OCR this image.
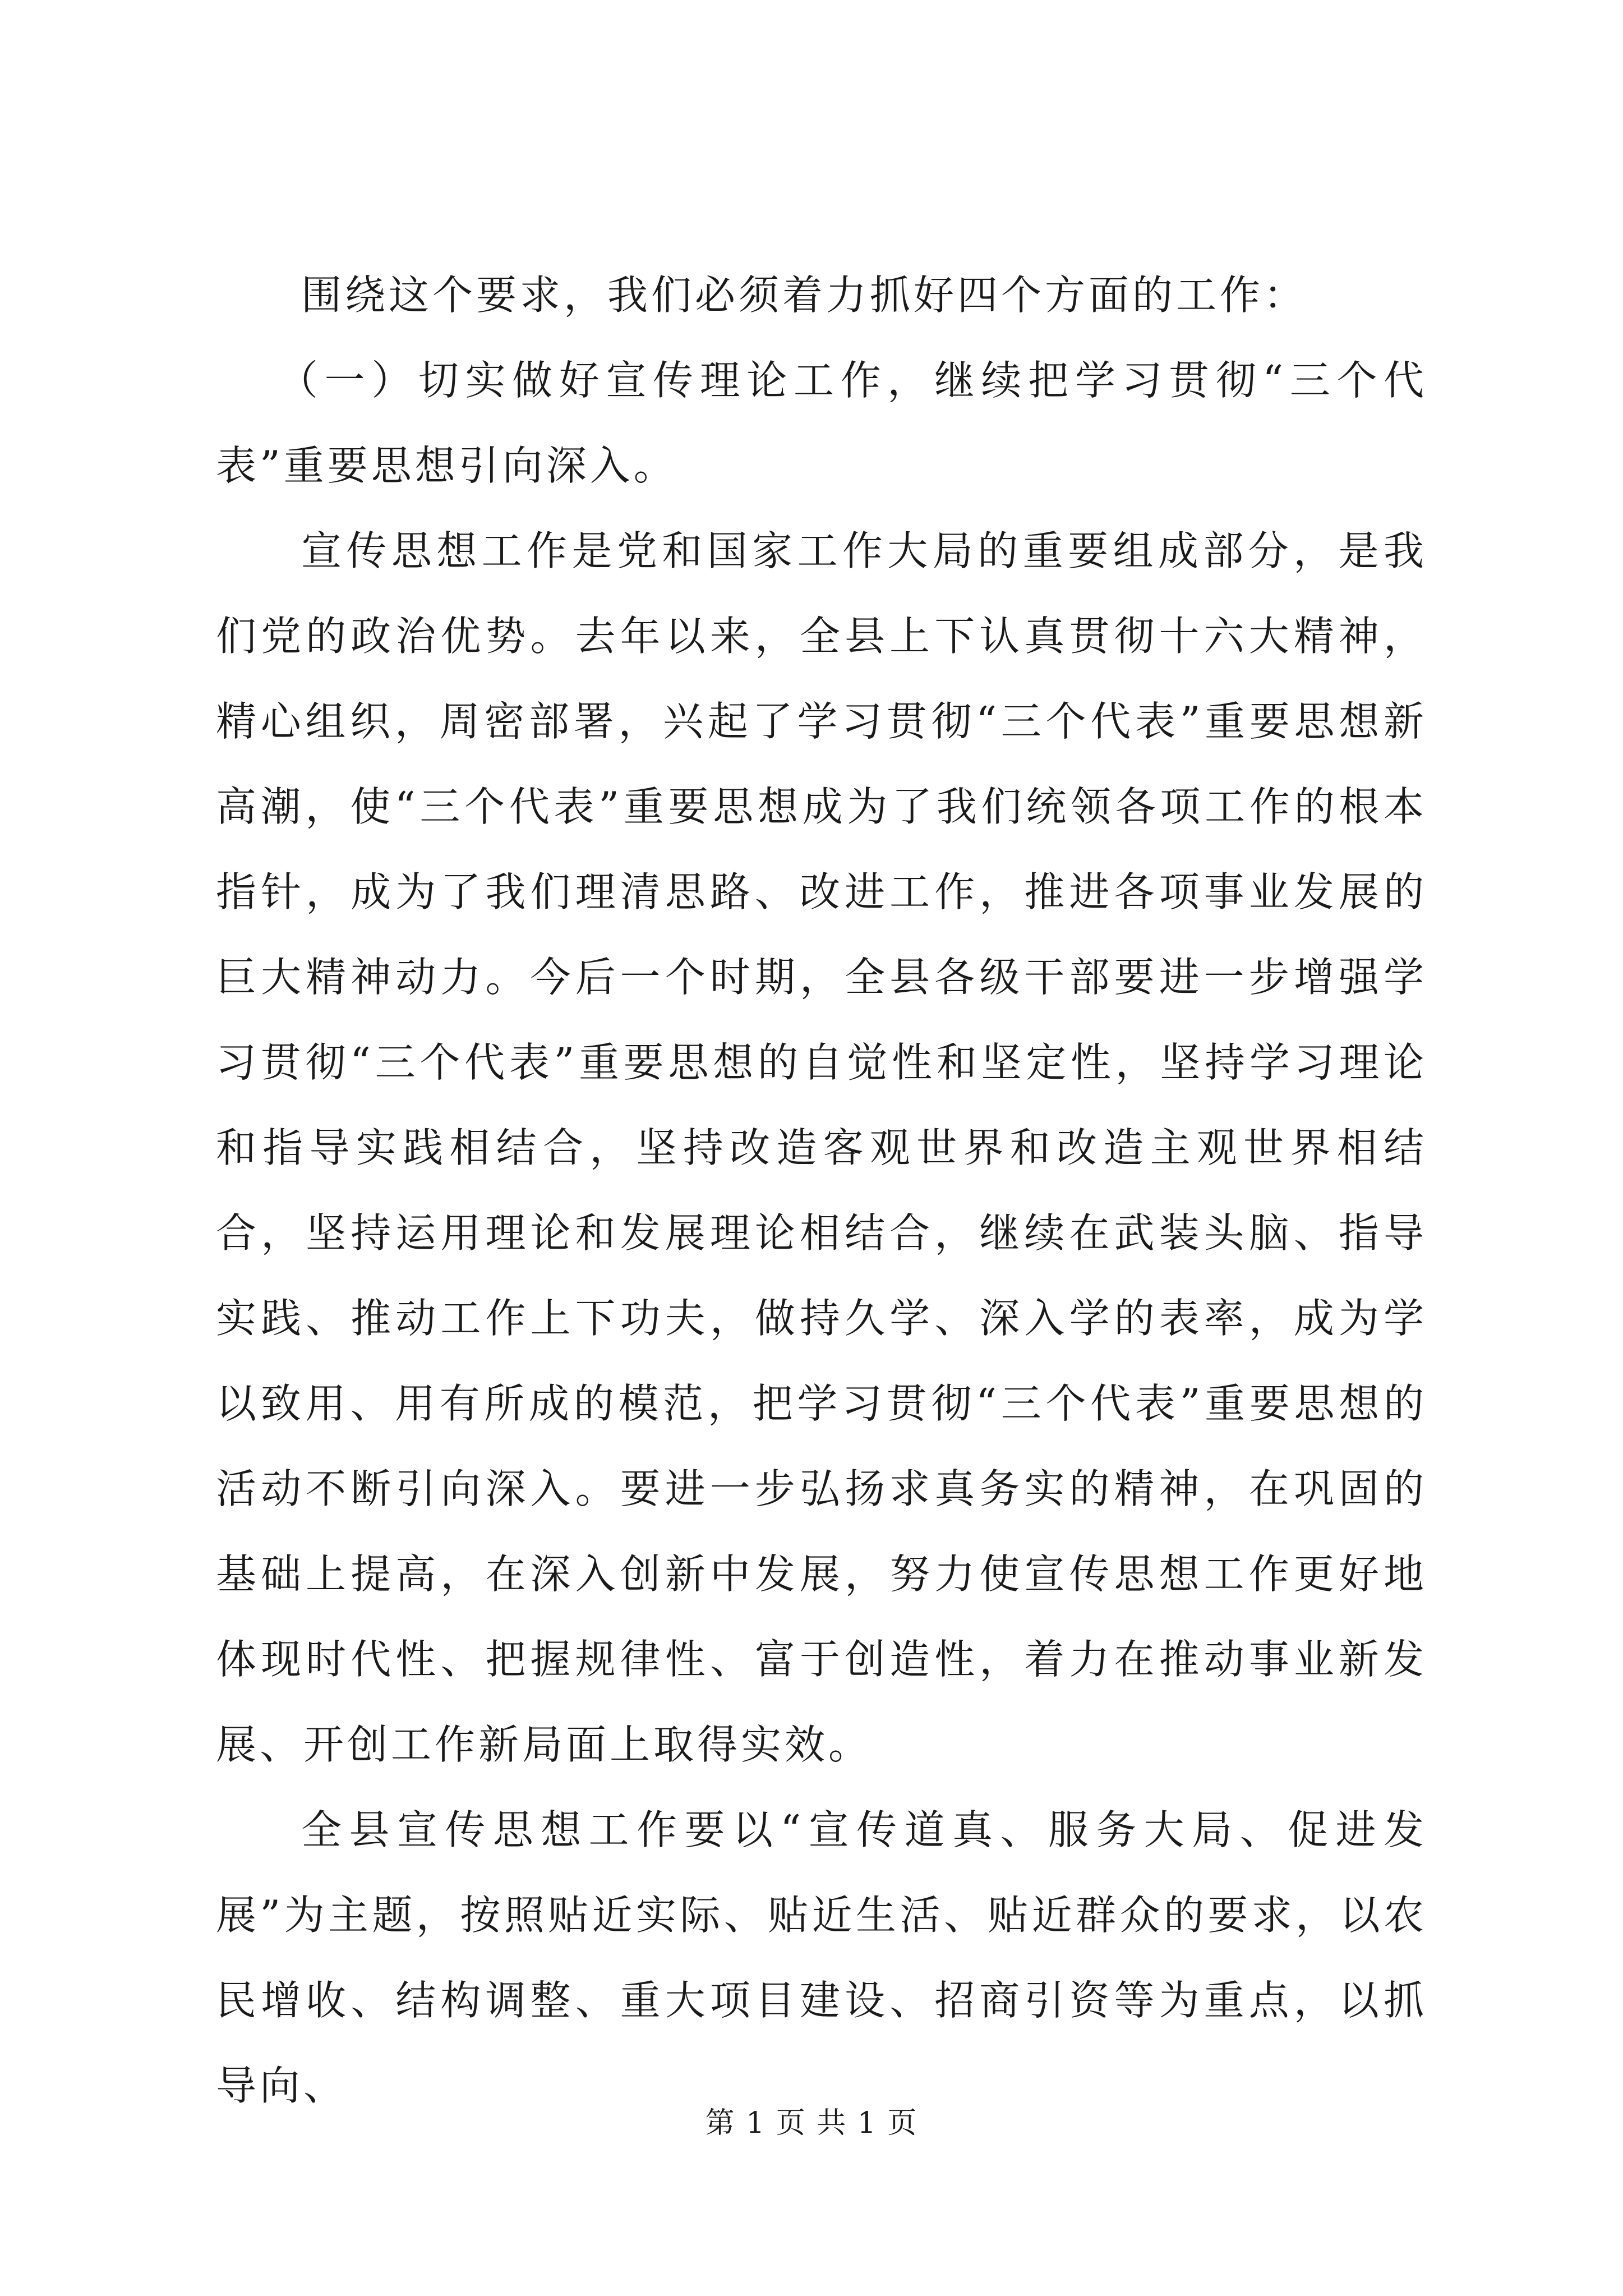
围绕这个要求，我们必须着力抓好四个方面的工作：

（一）切实做好宣传理论工作，继续把学习贯彻“三个代表”重要思想引向深入。

宣传思想工作是党和国家工作大局的重要组成部分，是我们党的政治优势。去年以来，全县上下认真贯彻十六大精神，精心组织，周密部署，兴起了学习贯彻“三个代表”重要思想新高潮，使“三个代表”重要思想成为了我们统领各项工作的根本指针，成为了我们理清思路、改进工作，推进各项事业发展的巨大精神动力。今后一个时期，全县各级干部要进一步增强学习贯彻“三个代表”重要思想的自觉性和坚定性，坚持学习理论和指导实践相结合，坚持改造客观世界和改造主观世界相结合，坚持运用理论和发展理论相结合，继续在武装头脑、指导实践、推动工作上下功夫，做持久学、深入学的表率，成为学以致用、用有所成的模范，把学习贯彻“三个代表”重要思想的活动不断引向深入。要进一步弘扬求真务实的精神，在巩固的基础上提高，在深入创新中发展，努力使宣传思想工作更好地体现时代性、把握规律性、富于创造性，着力在推动事业新发展、开创工作新局面上取得实效。

全县宣传思想工作要以“宣传道真、服务大局、促进发展”为主题，按照贴近实际、贴近生活、贴近群众的要求，以农民增收、结构调整、重大项目建设、招商引资等为重点，以抓导向、

第 1 页 共 1 页
